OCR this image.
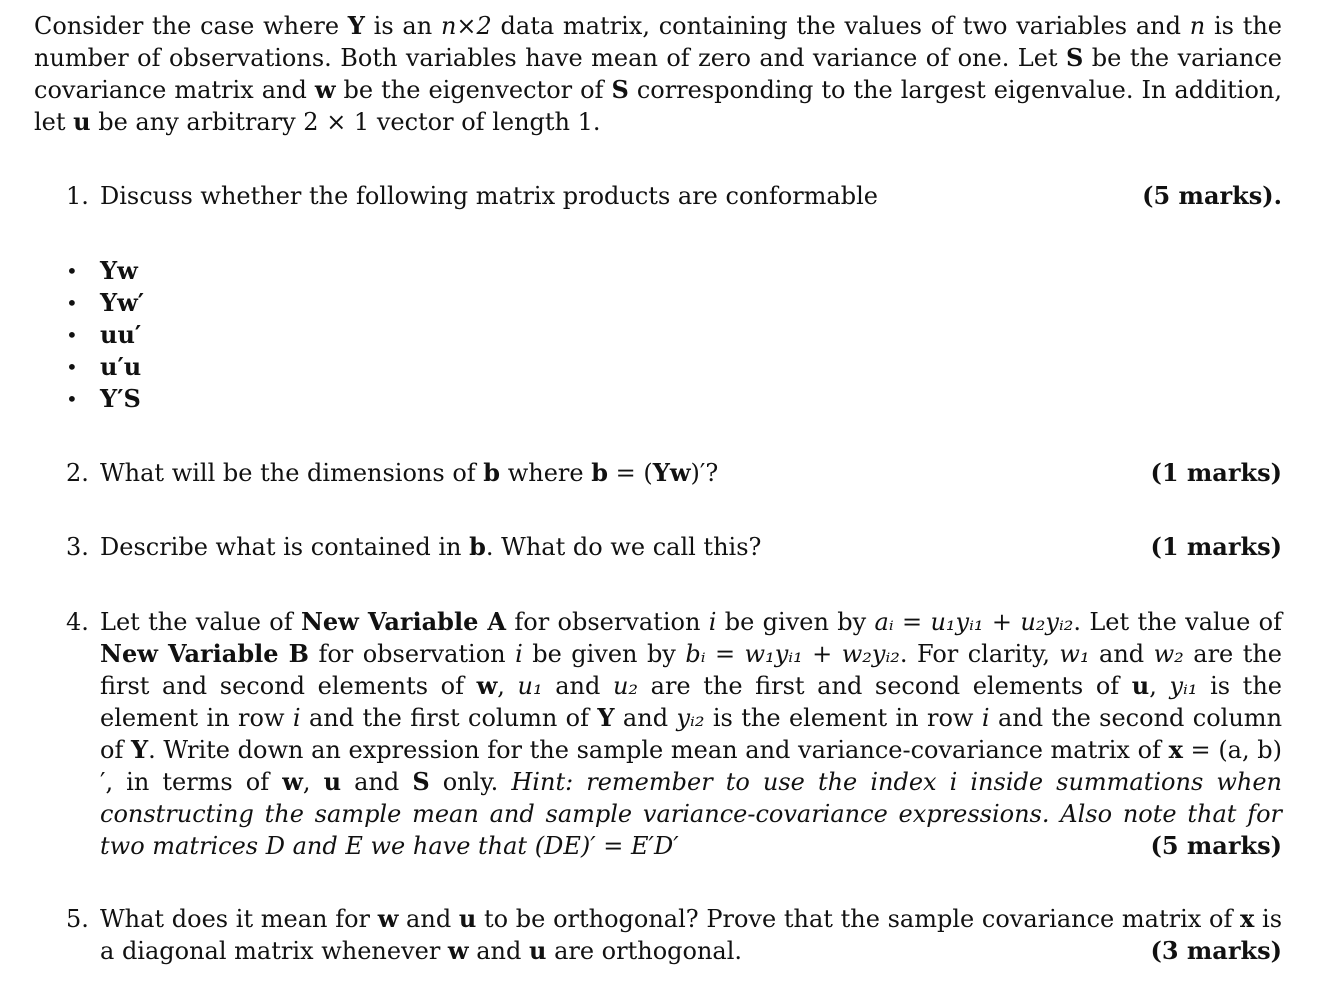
Consider the case where Y is an n×2 data matrix, containing the values of two variables and n is the number of observations. Both variables have mean of zero and variance of one. Let S be the variance covariance matrix and w be the eigenvector of S corresponding to the largest eigenvalue. In addition, let u be any arbitrary 2 × 1 vector of length 1.

1. Discuss whether the following matrix products are conformable	(5 marks).
• Yw
• Yw′
• uu′
• u′u
• Y′S
2. What will be the dimensions of b where b = (Yw)′?	(1 marks)
3. Describe what is contained in b. What do we call this?	(1 marks)
4. Let the value of New Variable A for observation i be given by aᵢ = u₁yᵢ₁ + u₂yᵢ₂. Let the value of New Variable B for observation i be given by bᵢ = w₁yᵢ₁ + w₂yᵢ₂. For clarity, w₁ and w₂ are the first and second elements of w, u₁ and u₂ are the first and second elements of u, yᵢ₁ is the element in row i and the first column of Y and yᵢ₂ is the element in row i and the second column of Y. Write down an expression for the sample mean and variance-covariance matrix of x = (a, b)′, in terms of w, u and S only. Hint: remember to use the index i inside summations when constructing the sample mean and sample variance-covariance expressions. Also note that for two matrices D and E we have that (DE)′ = E′D′	(5 marks)
5. What does it mean for w and u to be orthogonal? Prove that the sample covariance matrix of x is a diagonal matrix whenever w and u are orthogonal.	(3 marks)
